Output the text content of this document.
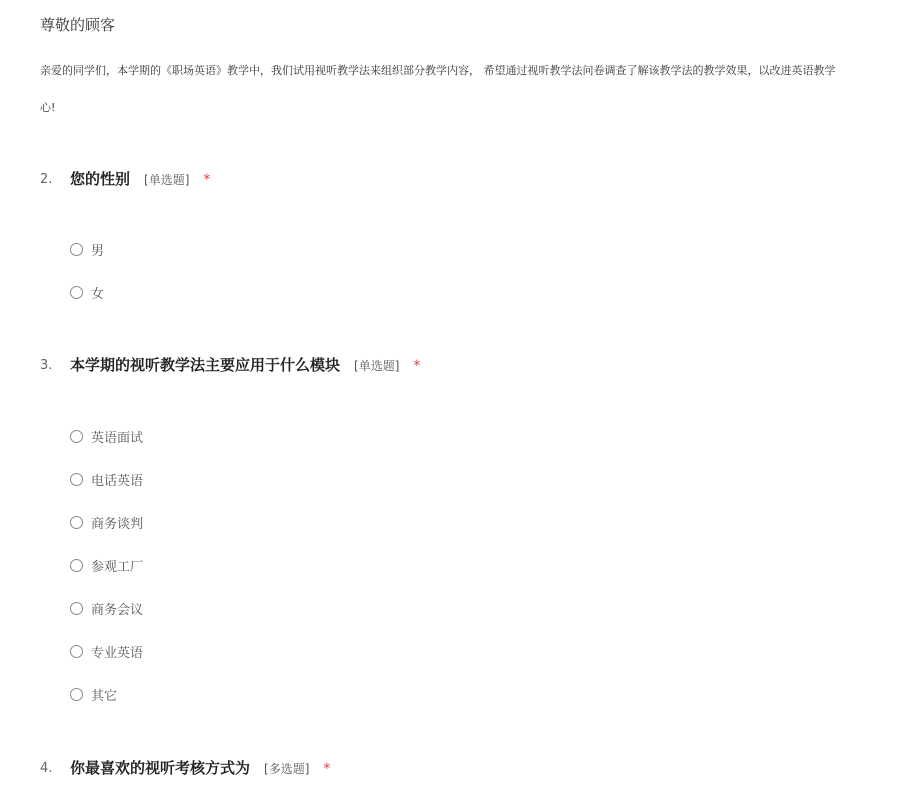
尊敬的顾客
亲爱的同学们，本学期的《职场英语》教学中，我们试用视听教学法来组织部分教学内容， 希望通过视听教学法问卷调查了解该教学法的教学效果，以改进英语教学
心!
2. 您的性别 [单选题] *
男
女
3. 本学期的视听教学法主要应用于什么模块 [单选题] *
英语面试
电话英语
商务谈判
参观工厂
商务会议
专业英语
其它
4. 你最喜欢的视听考核方式为 [多选题] *
